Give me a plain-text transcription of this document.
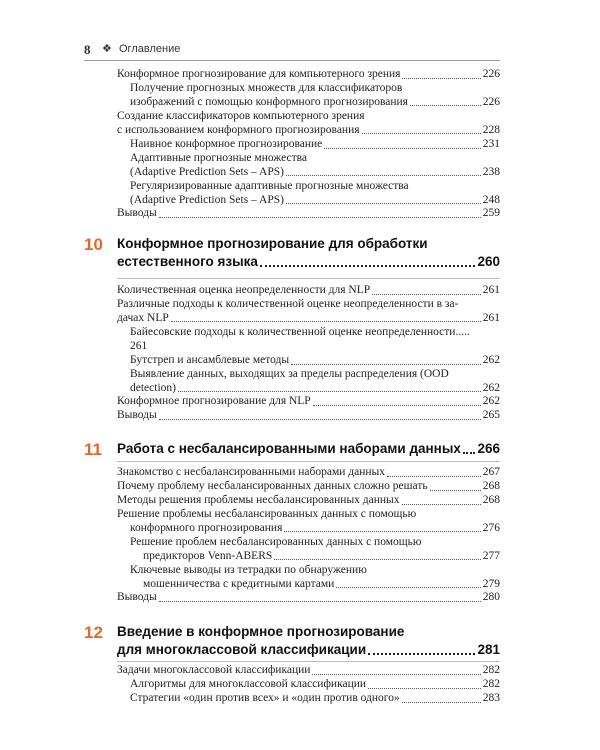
8 ❖ Оглавление
Конформное прогнозирование для компьютерного зрения	226
Получение прогнозных множеств для классификаторов
изображений с помощью конформного прогнозирования	226
Создание классификаторов компьютерного зрения
с использованием конформного прогнозирования	228
Наивное конформное прогнозирование	231
Адаптивные прогнозные множества
(Adaptive Prediction Sets – APS)	238
Регуляризированные адаптивные прогнозные множества
(Adaptive Prediction Sets – APS)	248
Выводы	259
10 Конформное прогнозирование для обработки
естественного языка	260
Количественная оценка неопределенности для NLP	261
Различные подходы к количественной оценке неопределенности в за-
дачах NLP	261
Байесовские подходы к количественной оценке неопределенности.....
261
Бутстреп и ансамблевые методы	262
Выявление данных, выходящих за пределы распределения (OOD
detection)	262
Конформное прогнозирование для NLP	262
Выводы	265
11 Работа с несбалансированными наборами данных 266
Знакомство с несбалансированными наборами данных	267
Почему проблему несбалансированных данных сложно решать	268
Методы решения проблемы несбалансированных данных	268
Решение проблемы несбалансированных данных с помощью
конформного прогнозирования	276
Решение проблем несбалансированных данных с помощью
предикторов Venn-ABERS	277
Ключевые выводы из тетрадки по обнаружению
мошенничества с кредитными картами	279
Выводы	280
12 Введение в конформное прогнозирование
для многоклассовой классификации	281
Задачи многоклассовой классификации	282
Алгоритмы для многоклассовой классификации	282
Стратегии «один против всех» и «один против одного»	283
